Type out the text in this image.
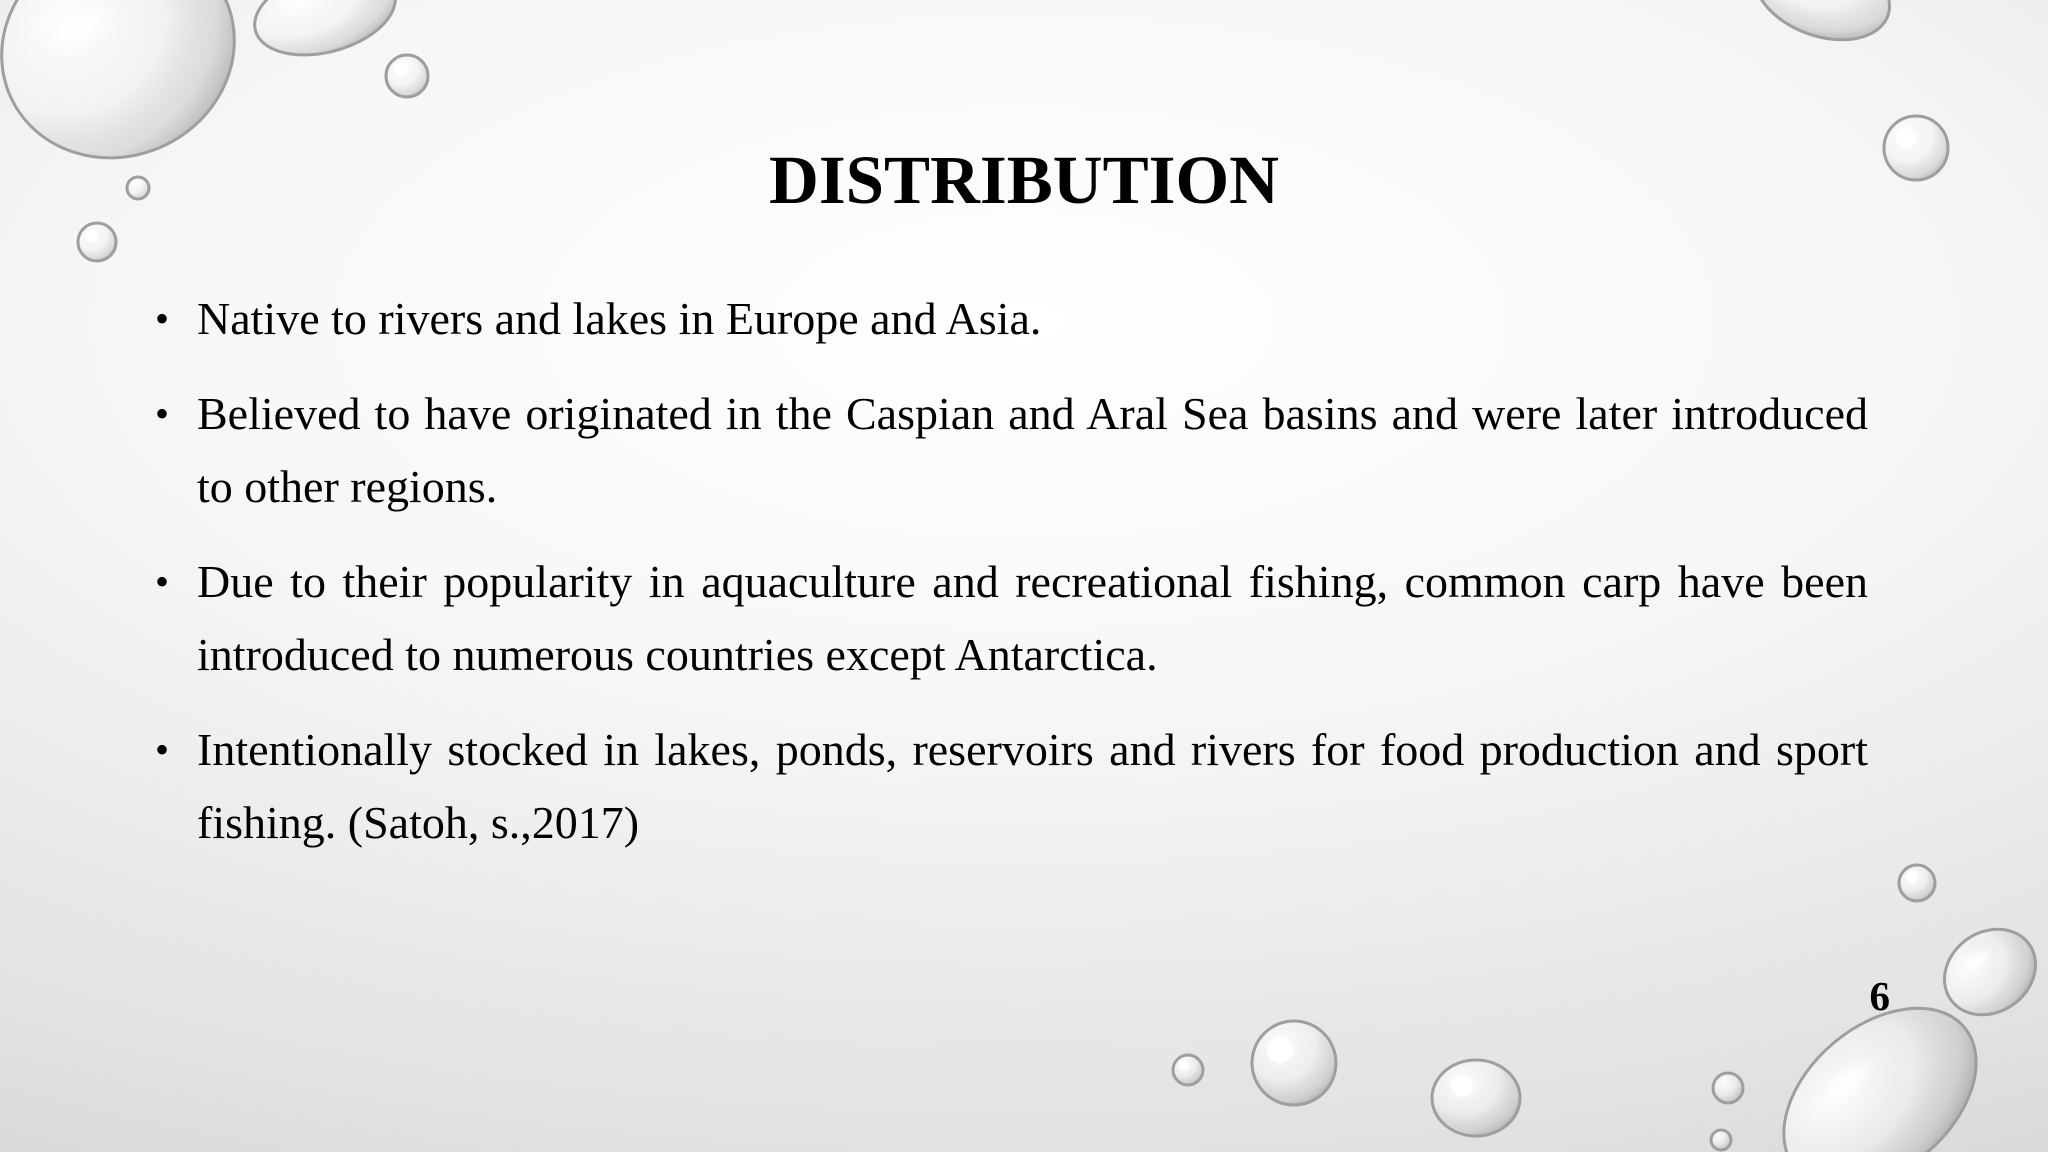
DISTRIBUTION
• Native to rivers and lakes in Europe and Asia.
• Believed to have originated in the Caspian and Aral Sea basins and were later introduced to other regions.
• Due to their popularity in aquaculture and recreational fishing, common carp have been introduced to numerous countries except Antarctica.
• Intentionally stocked in lakes, ponds, reservoirs and rivers for food production and sport fishing. (Satoh, s.,2017)
6
